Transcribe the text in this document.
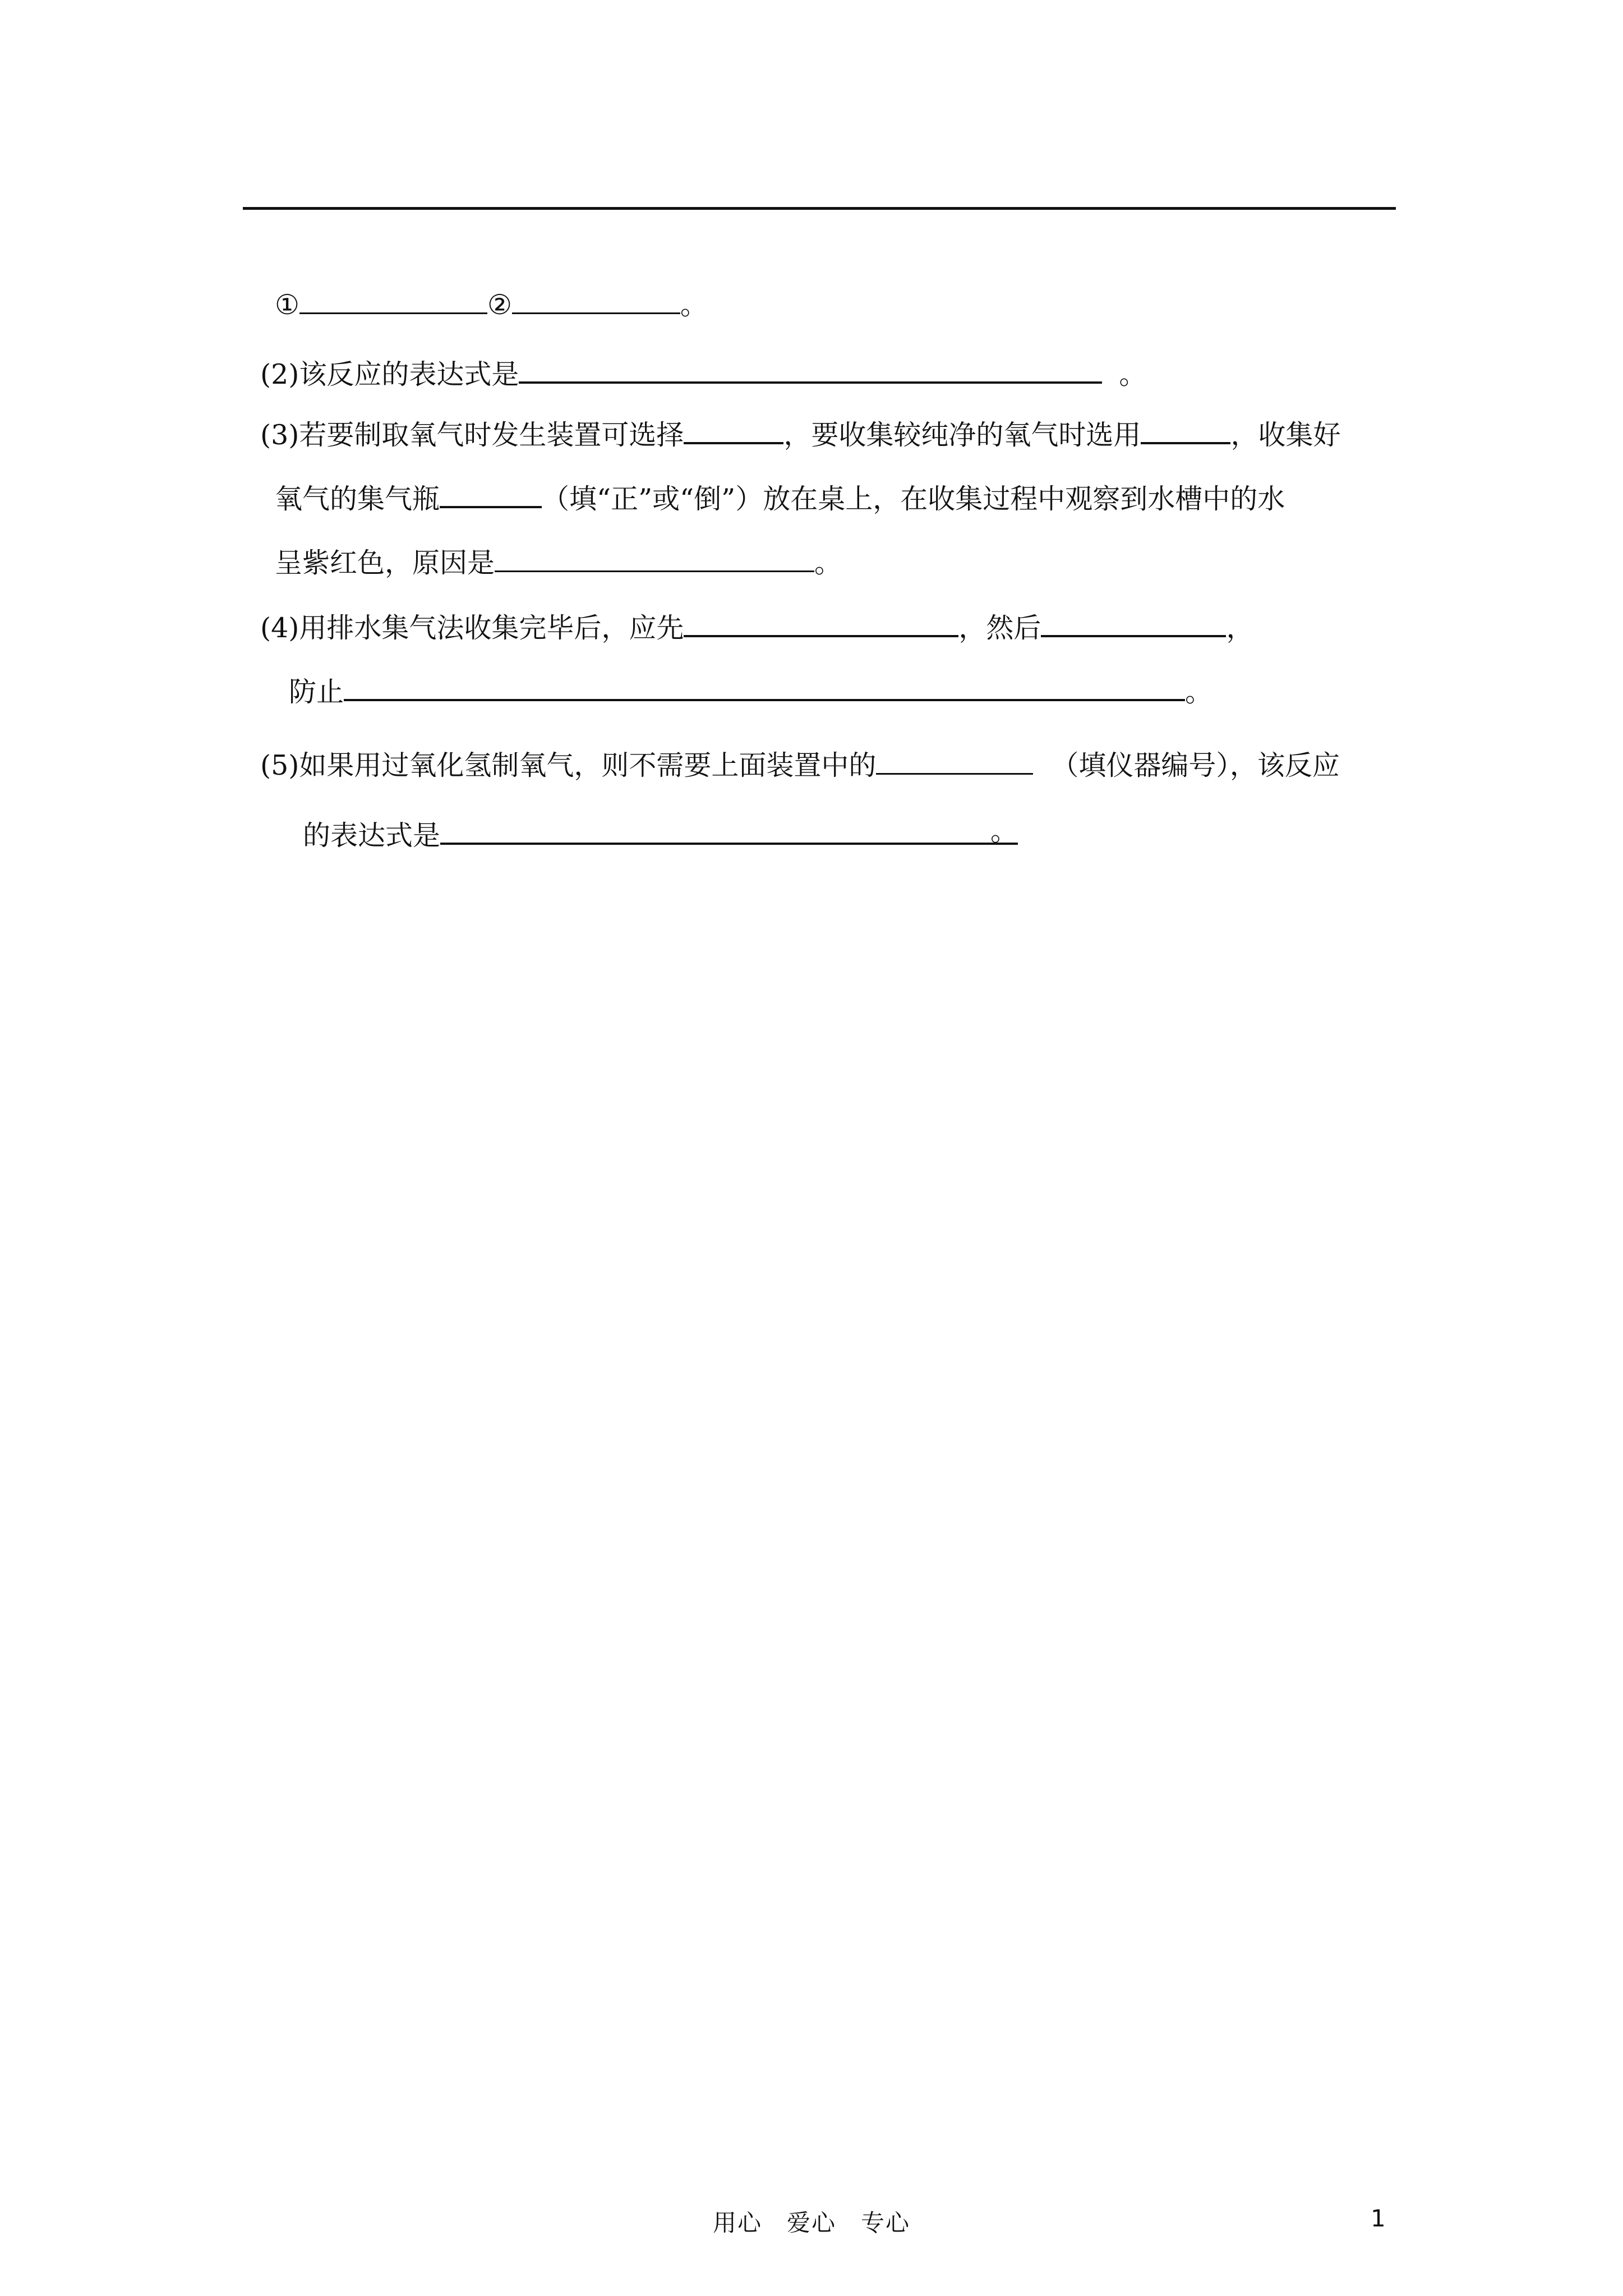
①	②	。
(2)该反应的表达式是	。
(3)若要制取氧气时发生装置可选择	，要收集较纯净的氧气时选用	，收集好
氧气的集气瓶	（填“正”或“倒”）放在桌上，在收集过程中观察到水槽中的水
呈紫红色，原因是	。
(4)用排水集气法收集完毕后，应先	，然后	，
防止	。
(5)如果用过氧化氢制氧气，则不需要上面装置中的	（填仪器编号），该反应
的表达式是	。
用心　爱心　专心	1
